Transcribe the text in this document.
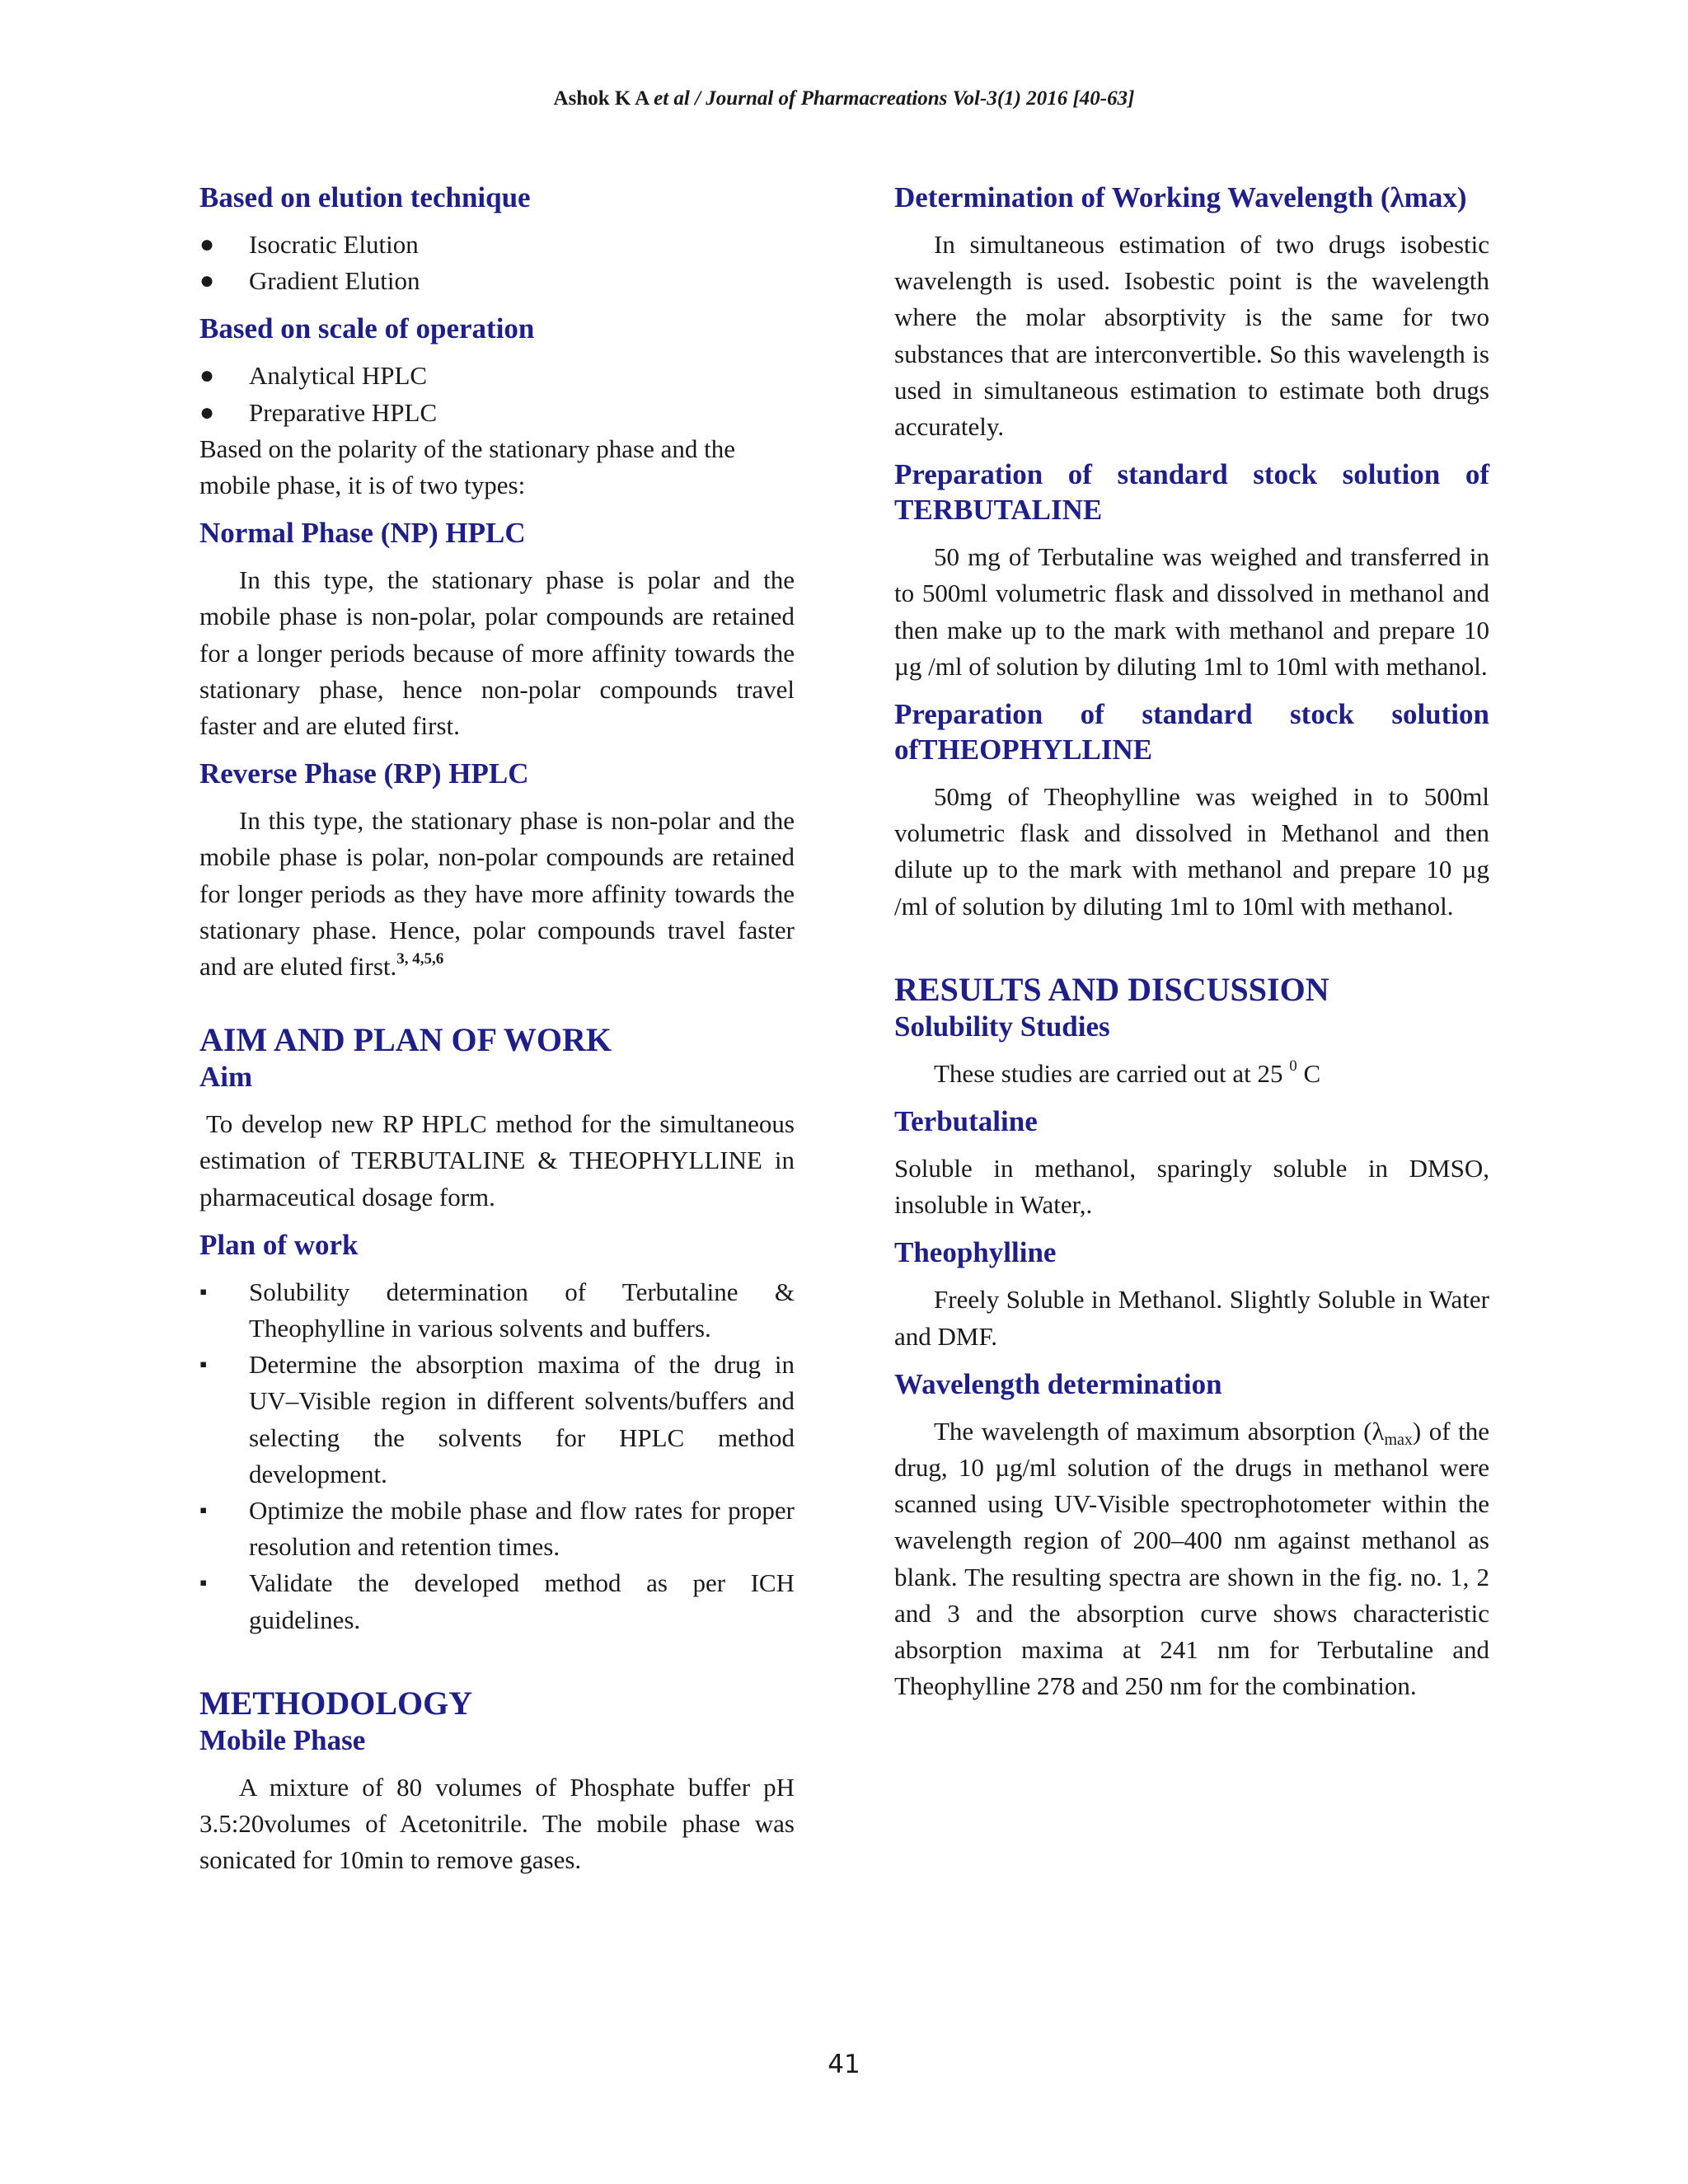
Ashok K A et al / Journal of Pharmacreations Vol-3(1) 2016 [40-63]
Based on elution technique
●	Isocratic Elution
●	Gradient Elution
Based on scale of operation
●	Analytical HPLC
●	Preparative HPLC

Based on the polarity of the stationary phase and the mobile phase, it is of two types:

Normal Phase (NP) HPLC

In this type, the stationary phase is polar and the mobile phase is non-polar, polar compounds are retained for a longer periods because of more affinity towards the stationary phase, hence non-polar compounds travel faster and are eluted first.

Reverse Phase (RP) HPLC

In this type, the stationary phase is non-polar and the mobile phase is polar, non-polar compounds are retained for longer periods as they have more affinity towards the stationary phase. Hence, polar compounds travel faster and are eluted first.$^{3, 4,5,6}$

AIM AND PLAN OF WORK
Aim

To develop new RP HPLC method for the simultaneous estimation of TERBUTALINE & THEOPHYLLINE in pharmaceutical dosage form.

Plan of work
▪	Solubility determination of Terbutaline & Theophylline in various solvents and buffers.
▪	Determine the absorption maxima of the drug in UV–Visible region in different solvents/buffers and selecting the solvents for HPLC method development.
▪	Optimize the mobile phase and flow rates for proper resolution and retention times.
▪	Validate the developed method as per ICH guidelines.
METHODOLOGY
Mobile Phase

A mixture of 80 volumes of Phosphate buffer pH 3.5:20volumes of Acetonitrile. The mobile phase was sonicated for 10min to remove gases.

Determination of Working Wavelength (λmax)

In simultaneous estimation of two drugs isobestic wavelength is used. Isobestic point is the wavelength where the molar absorptivity is the same for two substances that are interconvertible. So this wavelength is used in simultaneous estimation to estimate both drugs accurately.

Preparation of standard stock solution of TERBUTALINE

50 mg of Terbutaline was weighed and transferred in to 500ml volumetric flask and dissolved in methanol and then make up to the mark with methanol and prepare 10 µg /ml of solution by diluting 1ml to 10ml with methanol.

Preparation of standard stock solution ofTHEOPHYLLINE

50mg of Theophylline was weighed in to 500ml volumetric flask and dissolved in Methanol and then dilute up to the mark with methanol and prepare 10 µg /ml of solution by diluting 1ml to 10ml with methanol.

RESULTS AND DISCUSSION
Solubility Studies

These studies are carried out at 25 $^0$ C

Terbutaline

Soluble in methanol, sparingly soluble in DMSO, insoluble in Water,.

Theophylline

Freely Soluble in Methanol. Slightly Soluble in Water and DMF.

Wavelength determination

The wavelength of maximum absorption $(\lambda_{max})$ of the drug, 10 µg/ml solution of the drugs in methanol were scanned using UV-Visible spectrophotometer within the wavelength region of 200–400 nm against methanol as blank. The resulting spectra are shown in the fig. no. 1, 2 and 3 and the absorption curve shows characteristic absorption maxima at 241 nm for Terbutaline and Theophylline 278 and 250 nm for the combination.

41
